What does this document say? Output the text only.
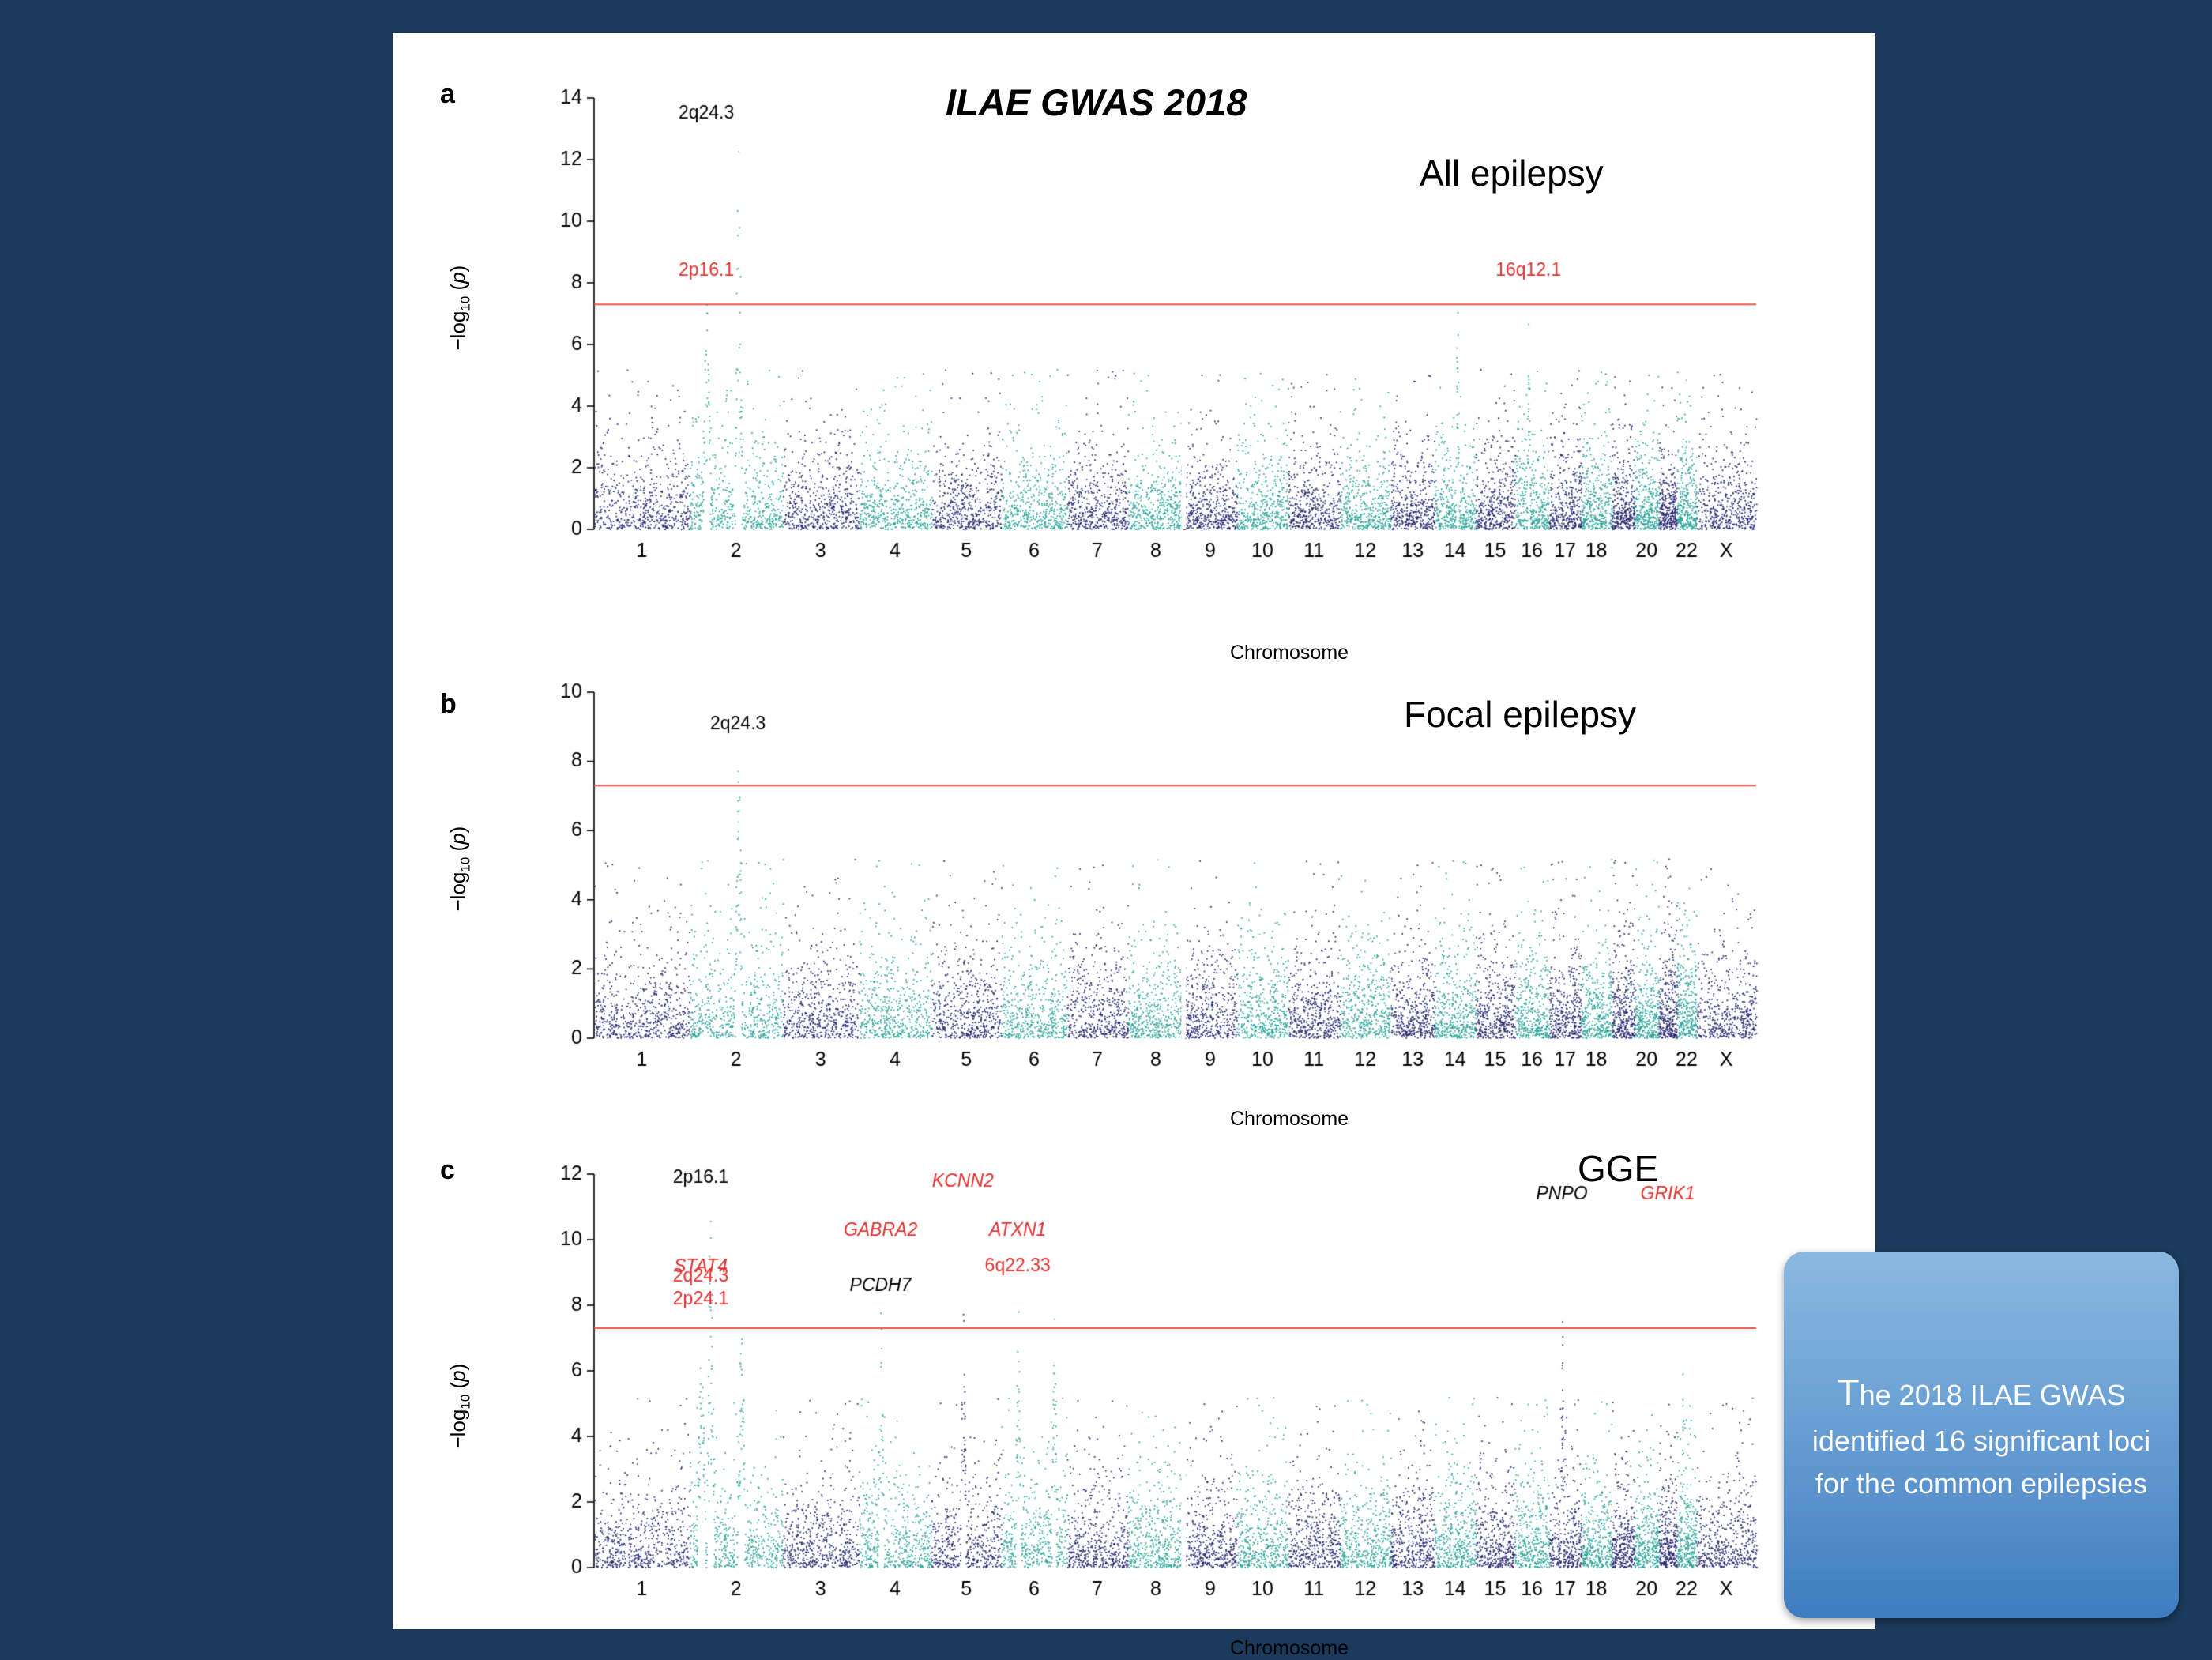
a
$-\log_{10}$ (p)
Chromosome
b
$-\log_{10}$ (p)
Chromosome
c
$-\log_{10}$ (p)
Chromosome
The 2018 ILAE GWAS identified 16 significant loci for the common epilepsies
